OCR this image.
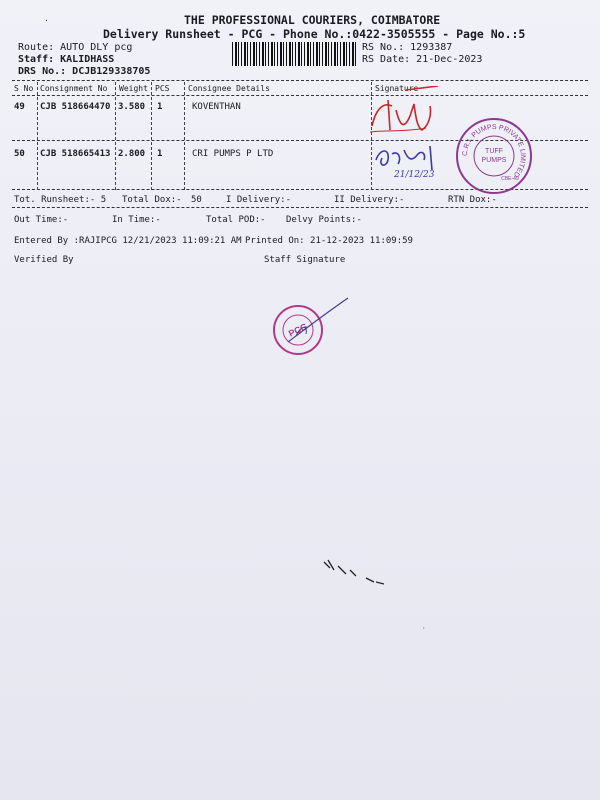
THE PROFESSIONAL COURIERS, COIMBATORE
Delivery Runsheet - PCG - Phone No.:0422-3505555 - Page No.:5
Route: AUTO DLY pcg
Staff: KALIDHASS
DRS No.: DCJB129338705
RS No.: 1293387
RS Date: 21-Dec-2023
S No Consignment No Weight PCS Consignee Details	Signature
49 CJB 518664470 3.580 1	KOVENTHAN
50 CJB 518665413 2.800 1	CRI PUMPS P LTD
21/12/23
C.R.I. PUMPS PRIVATE LIMITED
TUFF
PUMPS
CBE-49
Tot. Runsheet:- 5 Total Dox:- 50	I Delivery:-	II Delivery:-	RTN Dox:-
Out Time:-	In Time:-	Total POD:- Delvy Points:-
Entered By :RAJIPCG 12/21/2023 11:09:21 AM Printed On: 21-12-2023 11:09:59
Verified By	Staff Signature
PCG
·
·
